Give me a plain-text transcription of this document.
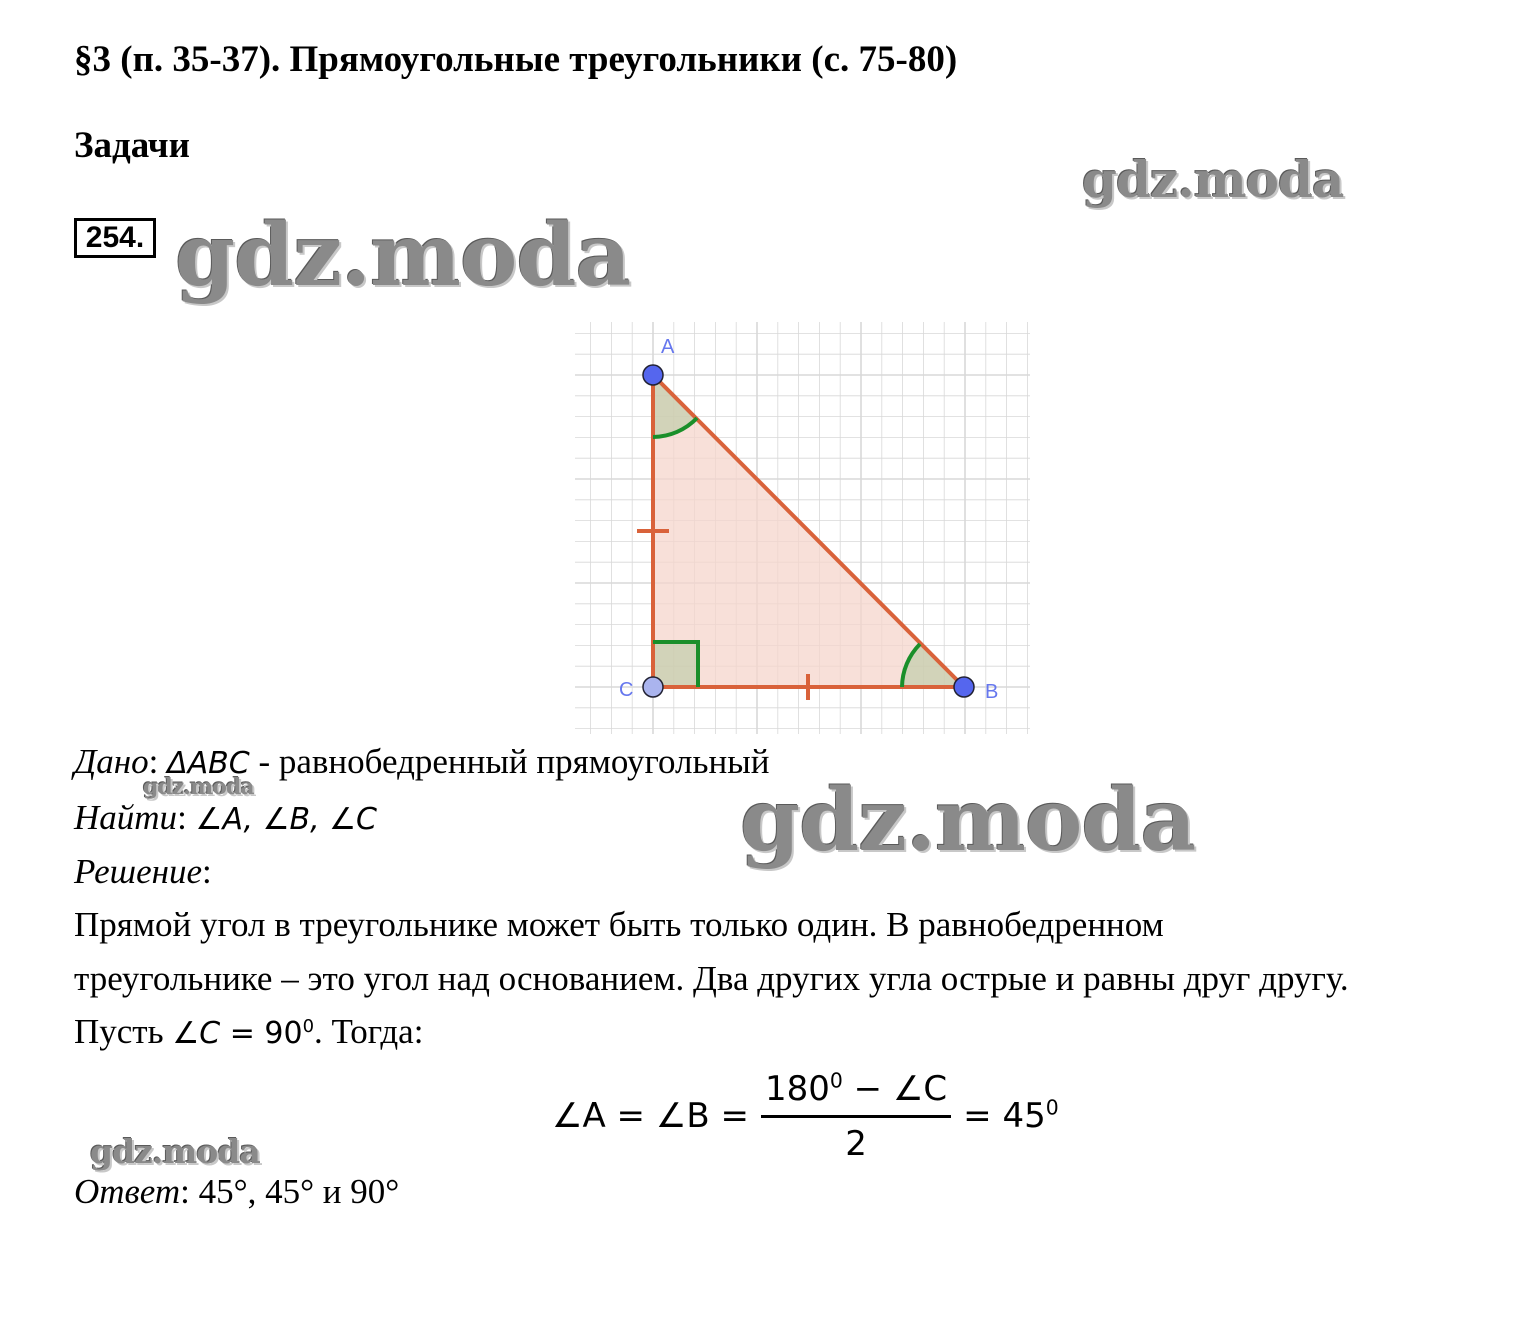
§3 (п. 35-37). Прямоугольные треугольники (с. 75-80)
Задачи
254. gdz.moda
gdz.moda
A
B
C
Дано: ΔABC - равнобедренный прямоугольный
gdz.moda
Найти: ∠A, ∠B, ∠C	gdz.moda
Решение:
Прямой угол в треугольнике может быть только один. В равнобедренном
треугольнике – это угол над основанием. Два других угла острые и равны друг другу.
Пусть ∠C = $90^0$. Тогда:
∠A = ∠B = $\frac{180^0 - \angle C}{2} = 45^0$
gdz.moda
Ответ: 45°, 45° и 90°
